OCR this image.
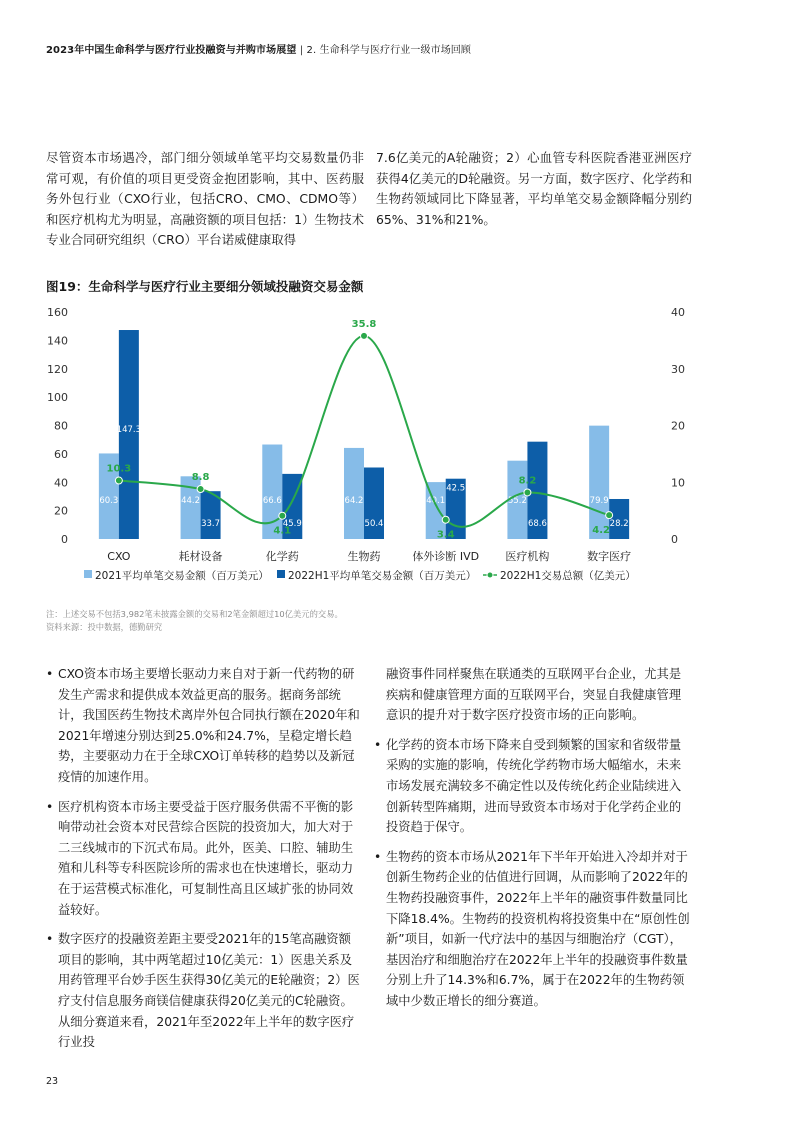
2023年中国生命科学与医疗行业投融资与并购市场展望 | 2. 生命科学与医疗行业一级市场回顾
尽管资本市场遇冷，部门细分领域单笔平均交易数量仍非常可观，有价值的项目更受资金抱团影响，其中、医药服务外包行业（CXO行业，包括CRO、CMO、CDMO等）和医疗机构尤为明显，高融资额的项目包括：1）生物技术专业合同研究组织（CRO）平台诺威健康取得
7.6亿美元的A轮融资；2）心血管专科医院香港亚洲医疗获得4亿美元的D轮融资。另一方面，数字医疗、化学药和生物药领域同比下降显著，平均单笔交易金额降幅分别约65%、31%和21%。
图19：生命科学与医疗行业主要细分领域投融资交易金额
0
20
40
60
80
100
120
140
160
0
10
20
30
40
60.3
147.3
CXO
44.2
33.7
耗材设备
66.6
45.9
化学药
64.2
50.4
生物药
40.1
42.5
体外诊断 IVD
55.2
68.6
医疗机构
79.9
28.2
数字医疗
10.3
8.8
4.1
35.8
3.4
8.2
4.2
2021平均单笔交易金额（百万美元） 2022H1平均单笔交易金额（百万美元） 2022H1交易总额（亿美元）
注：上述交易不包括3,982笔未披露金额的交易和2笔金额超过10亿美元的交易。
资料来源：投中数据，德勤研究
• CXO资本市场主要增长驱动力来自对于新一代药物的研发生产需求和提供成本效益更高的服务。据商务部统计，我国医药生物技术离岸外包合同执行额在2020年和2021年增速分别达到25.0%和24.7%，呈稳定增长趋势，主要驱动力在于全球CXO订单转移的趋势以及新冠疫情的加速作用。
• 医疗机构资本市场主要受益于医疗服务供需不平衡的影响带动社会资本对民营综合医院的投资加大，加大对于二三线城市的下沉式布局。此外，医美、口腔、辅助生殖和儿科等专科医院诊所的需求也在快速增长，驱动力在于运营模式标准化，可复制性高且区域扩张的协同效益较好。
• 数字医疗的投融资差距主要受2021年的15笔高融资额项目的影响，其中两笔超过10亿美元：1）医患关系及用药管理平台妙手医生获得30亿美元的E轮融资；2）医疗支付信息服务商镁信健康获得20亿美元的C轮融资。从细分赛道来看，2021年至2022年上半年的数字医疗行业投
融资事件同样聚焦在联通类的互联网平台企业，尤其是疾病和健康管理方面的互联网平台，突显自我健康管理意识的提升对于数字医疗投资市场的正向影响。
• 化学药的资本市场下降来自受到频繁的国家和省级带量采购的实施的影响，传统化学药物市场大幅缩水，未来市场发展充满较多不确定性以及传统化药企业陆续进入创新转型阵痛期，进而导致资本市场对于化学药企业的投资趋于保守。
• 生物药的资本市场从2021年下半年开始进入冷却并对于创新生物药企业的估值进行回调，从而影响了2022年的生物药投融资事件，2022年上半年的融资事件数量同比下降18.4%。生物药的投资机构将投资集中在“原创性创新”项目，如新一代疗法中的基因与细胞治疗（CGT），基因治疗和细胞治疗在2022年上半年的投融资事件数量分别上升了14.3%和6.7%，属于在2022年的生物药领域中少数正增长的细分赛道。
23
